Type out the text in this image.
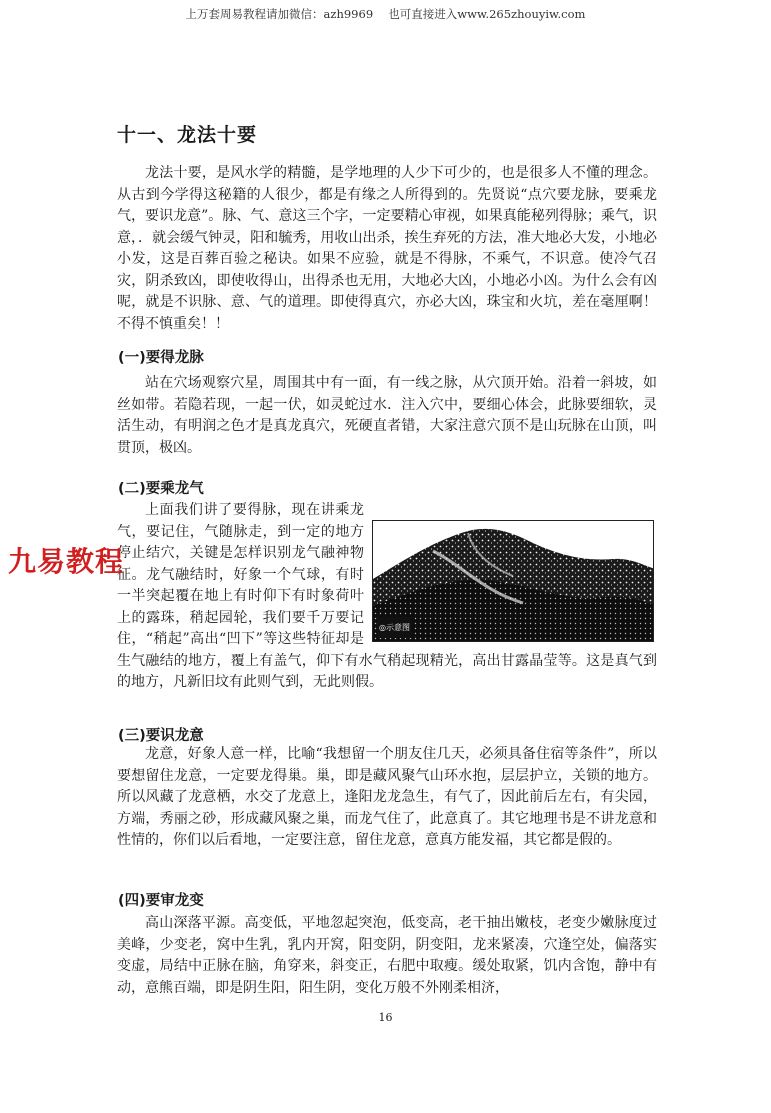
上万套周易教程请加微信：azh9969　 也可直接进入www.265zhouyiw.com
十一、龙法十要

龙法十要，是风水学的精髓，是学地理的人少下可少的，也是很多人不懂的理念。从古到今学得这秘籍的人很少，都是有缘之人所得到的。先贤说“点穴要龙脉，要乘龙气，要识龙意”。脉、气、意这三个字，一定要精心审视，如果真能秘列得脉；乘气，识意，．就会缓气钟灵，阳和毓秀，用收山出杀，挨生弃死的方法，准大地必大发，小地必小发，这是百葬百验之秘诀。如果不应验，就是不得脉，不乘气，不识意。使冷气召灾，阴杀致凶，即使收得山，出得杀也无用，大地必大凶，小地必小凶。为什么会有凶呢，就是不识脉、意、气的道理。即使得真穴，亦必大凶，珠宝和火坑，差在毫厘啊！不得不慎重矣！！

(一)要得龙脉

站在穴场观察穴星，周围其中有一面，有一线之脉，从穴顶开始。沿着一斜坡，如丝如带。若隐若现，一起一伏，如灵蛇过水．注入穴中，要细心体会，此脉要细软，灵活生动，有明润之色才是真龙真穴，死硬直者错，大家注意穴顶不是山玩脉在山顶，叫贯顶，极凶。

(二)要乘龙气
◎示意图

上面我们讲了要得脉，现在讲乘龙气，要记住，气随脉走，到一定的地方停止结穴，关键是怎样识别龙气融神物征。龙气融结时，好象一个气球，有时一半突起覆在地上有时仰下有时象荷叶上的露珠，稍起园轮，我们要千万要记住，“稍起”高出“凹下”等这些特征却是生气融结的地方，覆上有盖气，仰下有水气稍起现精光，高出甘露晶莹等。这是真气到的地方，凡新旧坟有此则气到，无此则假。

(三)要识龙意

龙意，好象人意一样，比喻“我想留一个朋友住几天，必须具备住宿等条件”，所以要想留住龙意，一定要龙得巢。巢，即是藏风聚气山环水抱，层层护立，关锁的地方。所以风藏了龙意栖，水交了龙意上，逢阳龙龙急生，有气了，因此前后左右，有尖园，方端，秀丽之砂，形成藏风聚之巢，而龙气住了，此意真了。其它地理书是不讲龙意和性情的，你们以后看地，一定要注意，留住龙意，意真方能发福，其它都是假的。

(四)要审龙变

高山深落平源。高变低，平地忽起突泡，低变高，老干抽出嫩枝，老变少嫩脉度过美峰，少变老，窝中生乳，乳内开窝，阳变阴，阴变阳，龙来紧凑，穴逢空处，偏落实变虚，局结中正脉在脑，角穿来，斜变正，右肥中取瘦。缓处取紧，饥内含饱，静中有动，意熊百端，即是阴生阳，阳生阴，变化万般不外刚柔相济，

九易教程
16
